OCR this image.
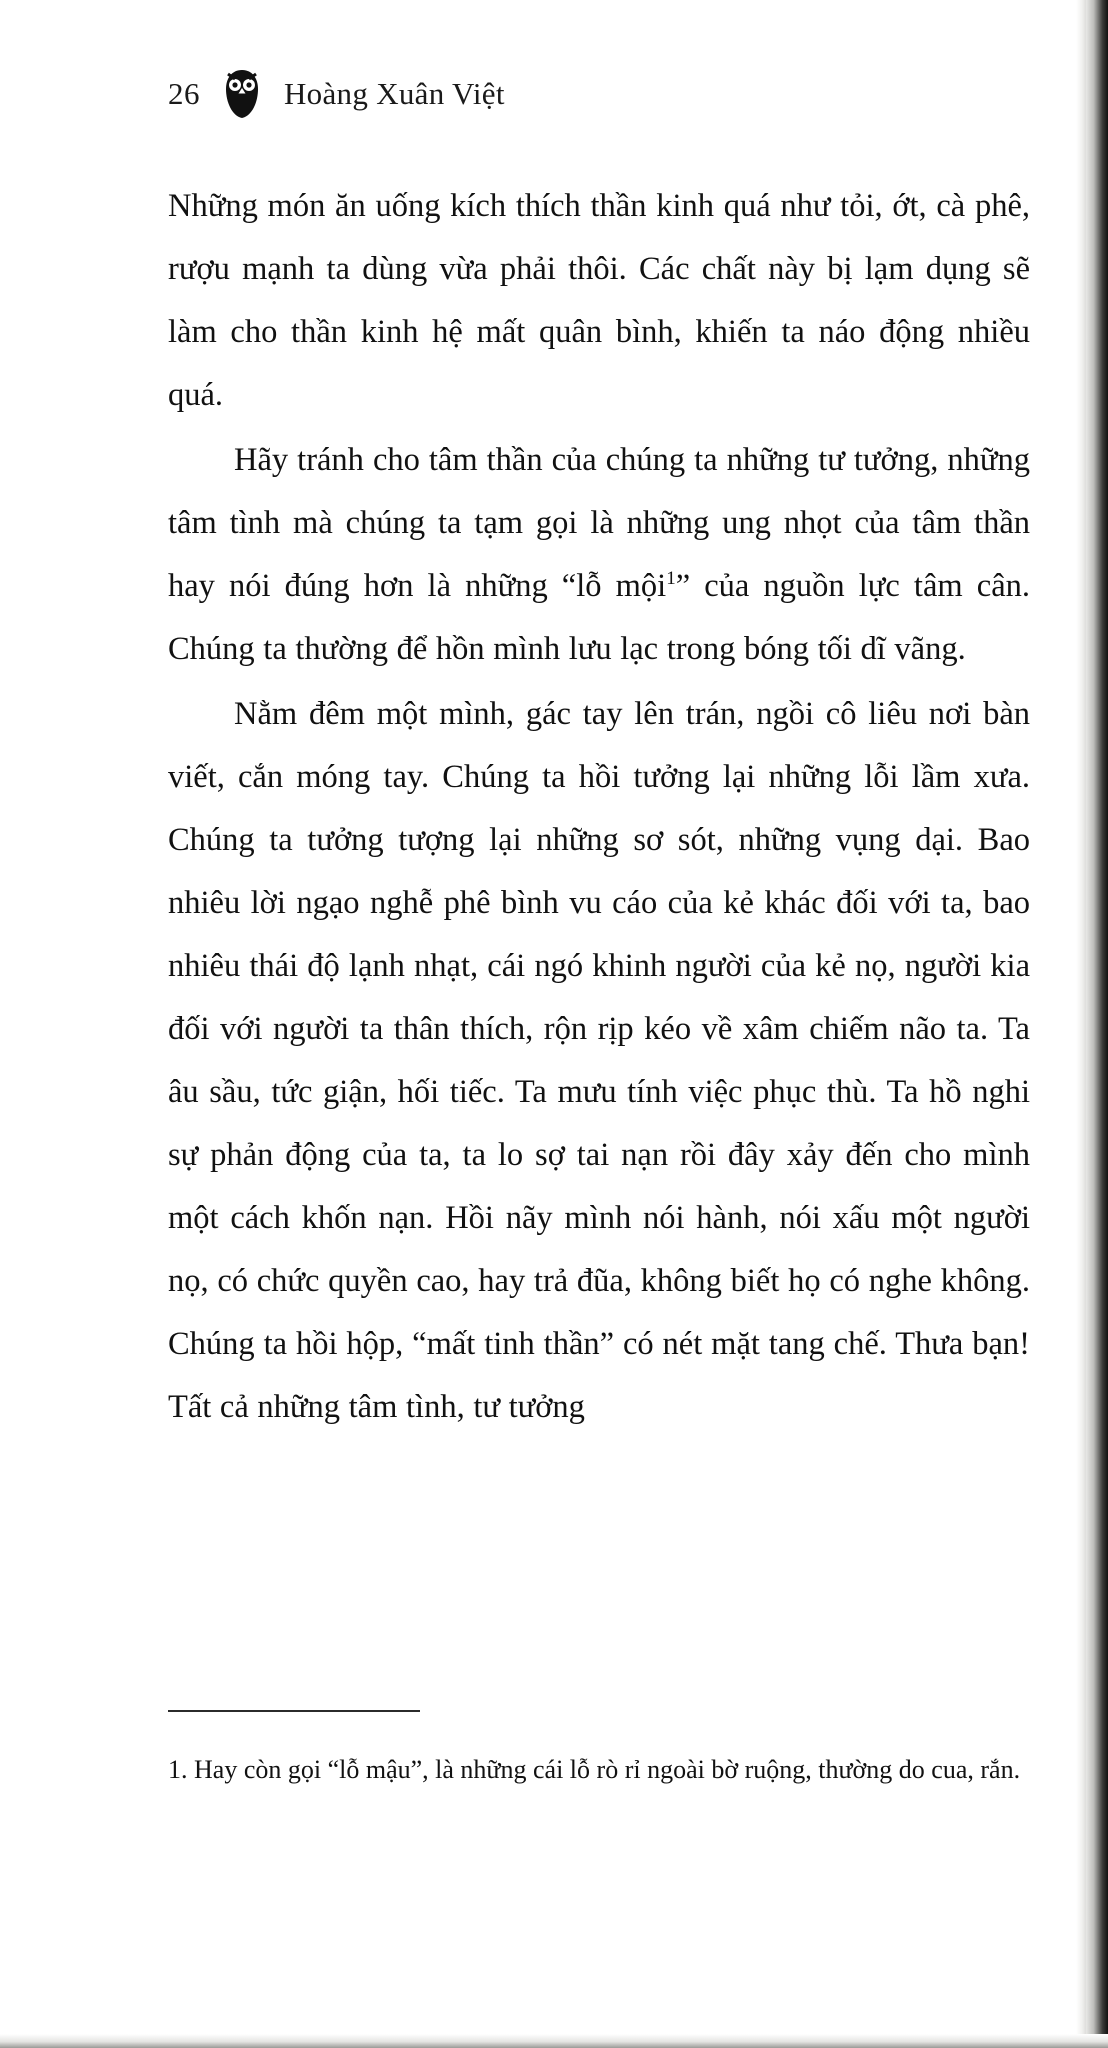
26	Hoàng Xuân Việt

Những món ăn uống kích thích thần kinh quá như tỏi, ớt, cà phê, rượu mạnh ta dùng vừa phải thôi. Các chất này bị lạm dụng sẽ làm cho thần kinh hệ mất quân bình, khiến ta náo động nhiều quá.

Hãy tránh cho tâm thần của chúng ta những tư tưởng, những tâm tình mà chúng ta tạm gọi là những ung nhọt của tâm thần hay nói đúng hơn là những “lỗ mội$^1$” của nguồn lực tâm cân. Chúng ta thường để hồn mình lưu lạc trong bóng tối dĩ vãng.

Nằm đêm một mình, gác tay lên trán, ngồi cô liêu nơi bàn viết, cắn móng tay. Chúng ta hồi tưởng lại những lỗi lầm xưa. Chúng ta tưởng tượng lại những sơ sót, những vụng dại. Bao nhiêu lời ngạo nghễ phê bình vu cáo của kẻ khác đối với ta, bao nhiêu thái độ lạnh nhạt, cái ngó khinh người của kẻ nọ, người kia đối với người ta thân thích, rộn rịp kéo về xâm chiếm não ta. Ta âu sầu, tức giận, hối tiếc. Ta mưu tính việc phục thù. Ta hồ nghi sự phản động của ta, ta lo sợ tai nạn rồi đây xảy đến cho mình một cách khốn nạn. Hồi nãy mình nói hành, nói xấu một người nọ, có chức quyền cao, hay trả đũa, không biết họ có nghe không. Chúng ta hồi hộp, “mất tinh thần” có nét mặt tang chế. Thưa bạn! Tất cả những tâm tình, tư tưởng

1. Hay còn gọi “lỗ mậu”, là những cái lỗ rò rỉ ngoài bờ ruộng, thường do cua, rắn.
